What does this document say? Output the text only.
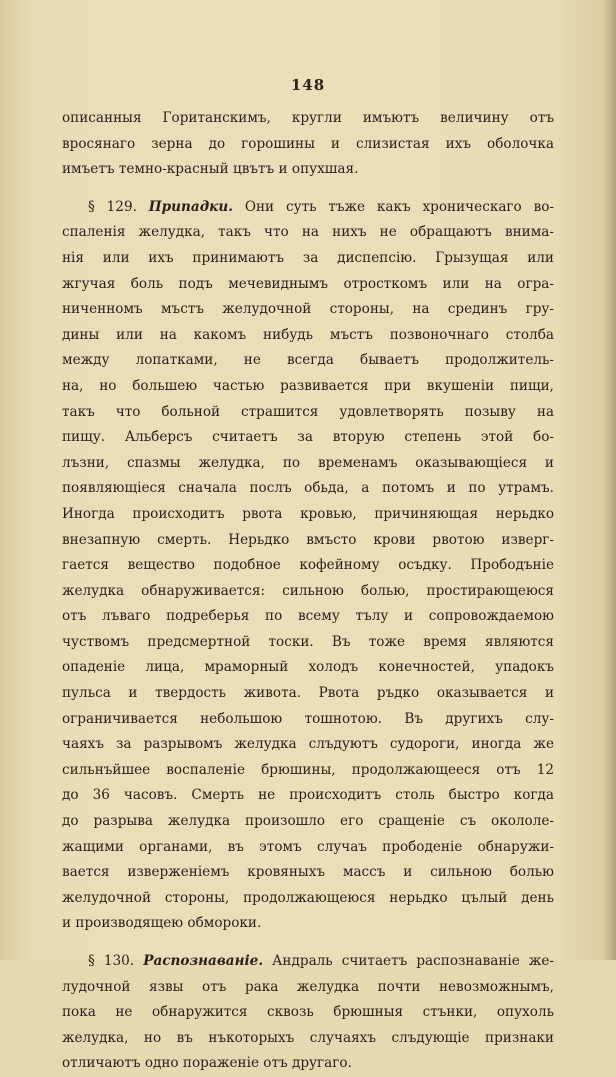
148
описанныя Гоританскимъ, кругли имъютъ величину отъ
вросянаго зерна до горошины и слизистая ихъ оболочка
имъетъ темно-красный цвътъ и опухшая.
§ 129. Припадки. Они суть тъже какъ хроническаго во-
спаленія желудка, такъ что на нихъ не обращаютъ внима-
нія или ихъ принимаютъ за диспепсію. Грызущая или
жгучая боль подъ мечевиднымъ отросткомъ или на огра-
ниченномъ мъстъ желудочной стороны, на срединъ гру-
дины или на какомъ нибудь мъстъ позвоночнаго столба
между лопатками, не всегда бываетъ продолжитель-
на, но большею частью развивается при вкушеніи пищи,
такъ что больной страшится удовлетворять позыву на
пищу. Альберсъ считаетъ за вторую степень этой бо-
лъзни, спазмы желудка, по временамъ оказывающіеся и
появляющіеся сначала послъ обьда, а потомъ и по утрамъ.
Иногда происходитъ рвота кровью, причиняющая нерьдко
внезапную смерть. Нерьдко вмъсто крови рвотою изверг-
гается вещество подобное кофейному осъдку. Прободъніе
желудка обнаруживается: сильною болью, простирающеюся
отъ лъваго подреберья по всему тълу и сопровождаемою
чуствомъ предсмертной тоски. Въ тоже время являются
опаденіе лица, мраморный холодъ конечностей, упадокъ
пульса и твердость живота. Рвота ръдко оказывается и
ограничивается небольшою тошнотою. Въ другихъ слу-
чаяхъ за разрывомъ желудка слъдуютъ судороги, иногда же
сильнъйшее воспаленіе брюшины, продолжающееся отъ 12
до 36 часовъ. Смерть не происходитъ столь быстро когда
до разрыва желудка произошло его сращеніе съ окололе-
жащими органами, въ этомъ случаъ прободеніе обнаружи-
вается изверженіемъ кровяныхъ массъ и сильною болью
желудочной стороны, продолжающеюся нерьдко цълый день
и производящею обмороки.
§ 130. Распознаваніе. Андраль считаетъ распознаваніе же-
лудочной язвы отъ рака желудка почти невозможнымъ,
пока не обнаружится сквозь брюшныя стънки, опухоль
желудка, но въ нъкоторыхъ случаяхъ слъдующіе признаки
отличаютъ одно пораженіе отъ другаго.
